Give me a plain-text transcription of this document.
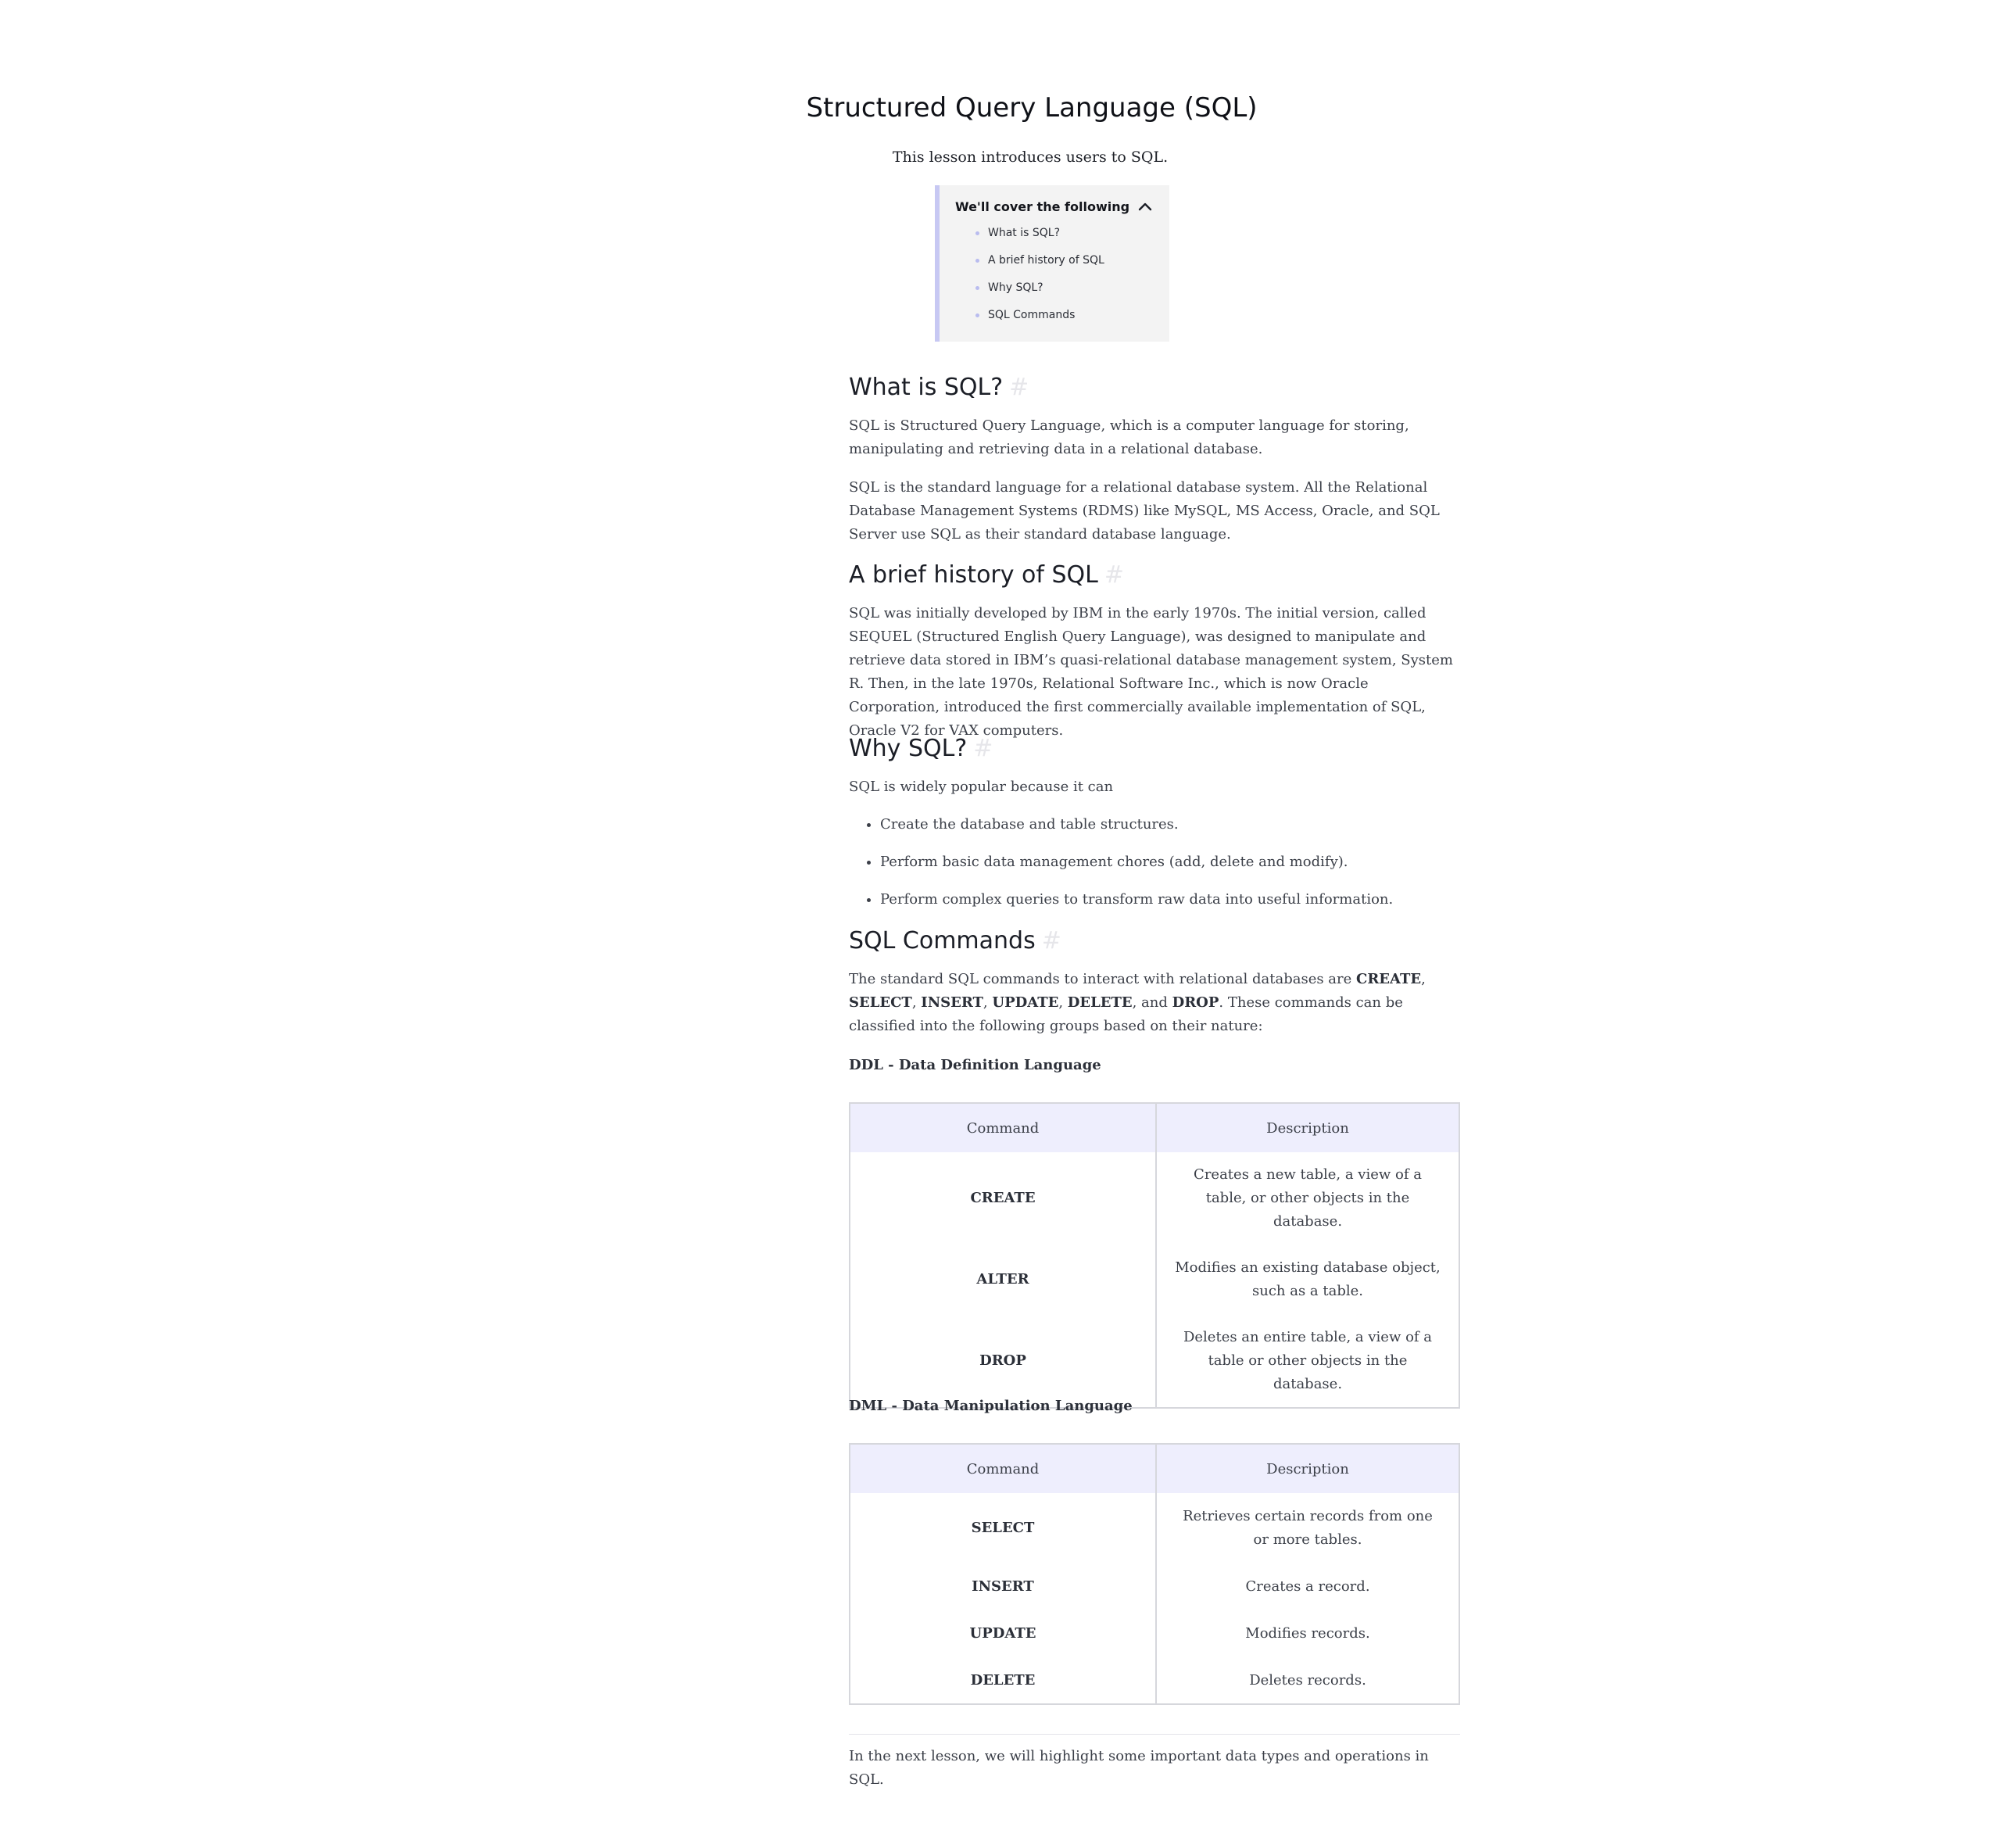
Structured Query Language (SQL)

This lesson introduces users to SQL.

We'll cover the following
What is SQL?
A brief history of SQL
Why SQL?
SQL Commands
What is SQL? #

SQL is Structured Query Language, which is a computer language for storing, manipulating and retrieving data in a relational database.

SQL is the standard language for a relational database system. All the Relational Database Management Systems (RDMS) like MySQL, MS Access, Oracle, and SQL Server use SQL as their standard database language.

A brief history of SQL #

SQL was initially developed by IBM in the early 1970s. The initial version, called SEQUEL (Structured English Query Language), was designed to manipulate and retrieve data stored in IBM’s quasi-relational database management system, System R. Then, in the late 1970s, Relational Software Inc., which is now Oracle Corporation, introduced the first commercially available implementation of SQL, Oracle V2 for VAX computers.

Why SQL? #

SQL is widely popular because it can

• Create the database and table structures.
• Perform basic data management chores (add, delete and modify).
• Perform complex queries to transform raw data into useful information.
SQL Commands #

The standard SQL commands to interact with relational databases are CREATE, SELECT, INSERT, UPDATE, DELETE, and DROP. These commands can be classified into the following groups based on their nature:

DDL - Data Definition Language

Command	Description
CREATE	Creates a new table, a view of a table, or other objects in the database.
ALTER	Modifies an existing database object, such as a table.
DROP	Deletes an entire table, a view of a table or other objects in the database.

DML - Data Manipulation Language

Command	Description
SELECT	Retrieves certain records from one or more tables.
INSERT	Creates a record.
UPDATE	Modifies records.
DELETE	Deletes records.

In the next lesson, we will highlight some important data types and operations in SQL.
